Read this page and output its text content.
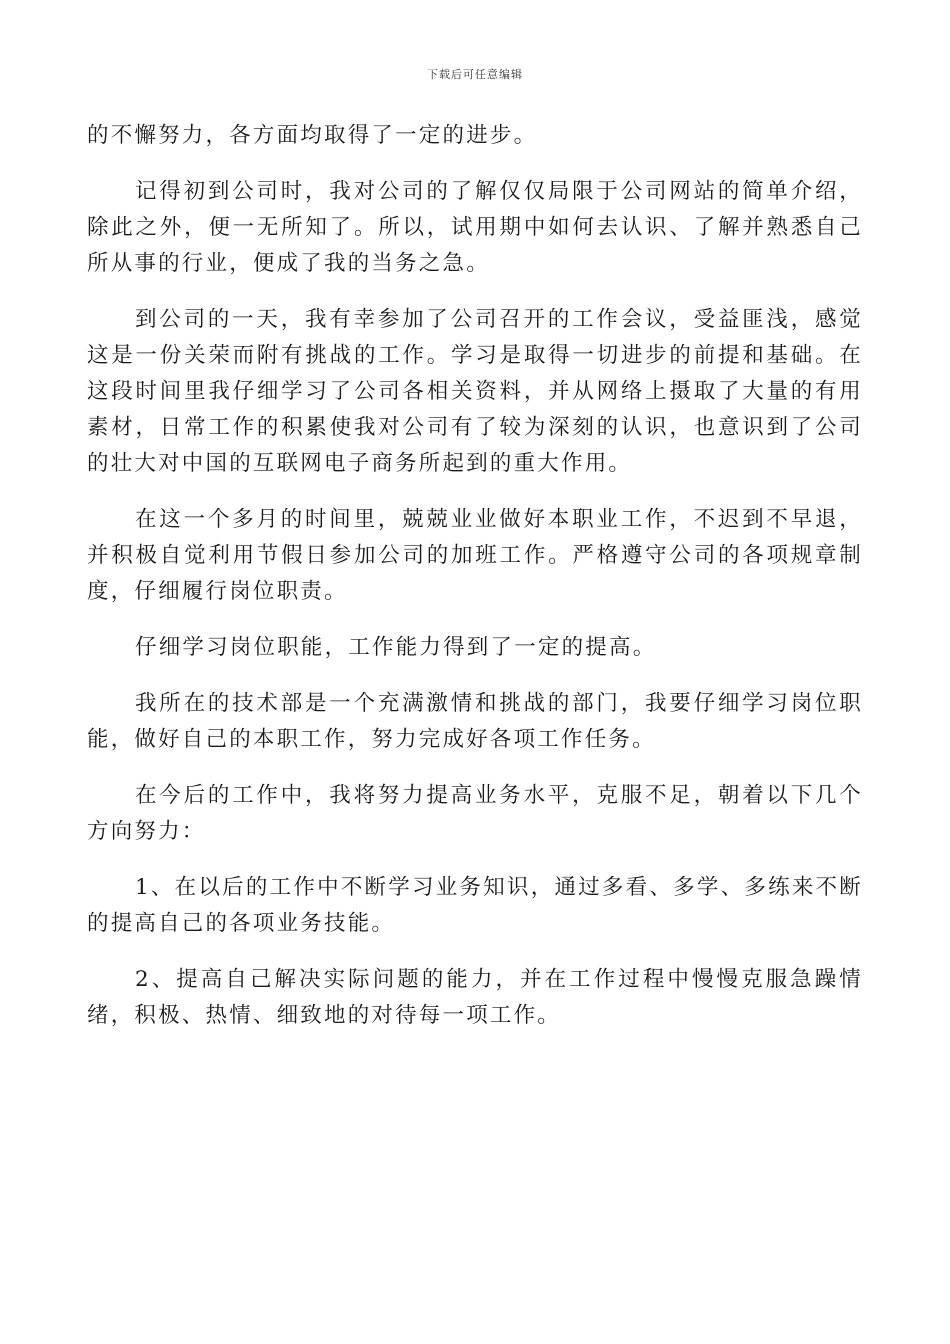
下载后可任意编辑

的不懈努力，各方面均取得了一定的进步。

记得初到公司时，我对公司的了解仅仅局限于公司网站的简单介绍，除此之外，便一无所知了。所以，试用期中如何去认识、了解并熟悉自己所从事的行业，便成了我的当务之急。

到公司的一天，我有幸参加了公司召开的工作会议，受益匪浅，感觉这是一份关荣而附有挑战的工作。学习是取得一切进步的前提和基础。在这段时间里我仔细学习了公司各相关资料，并从网络上摄取了大量的有用素材，日常工作的积累使我对公司有了较为深刻的认识，也意识到了公司的壮大对中国的互联网电子商务所起到的重大作用。

在这一个多月的时间里，兢兢业业做好本职业工作，不迟到不早退，并积极自觉利用节假日参加公司的加班工作。严格遵守公司的各项规章制度，仔细履行岗位职责。

仔细学习岗位职能，工作能力得到了一定的提高。

我所在的技术部是一个充满激情和挑战的部门，我要仔细学习岗位职能，做好自己的本职工作，努力完成好各项工作任务。

在今后的工作中，我将努力提高业务水平，克服不足，朝着以下几个方向努力：

1、在以后的工作中不断学习业务知识，通过多看、多学、多练来不断的提高自己的各项业务技能。

2、提高自己解决实际问题的能力，并在工作过程中慢慢克服急躁情绪，积极、热情、细致地的对待每一项工作。
